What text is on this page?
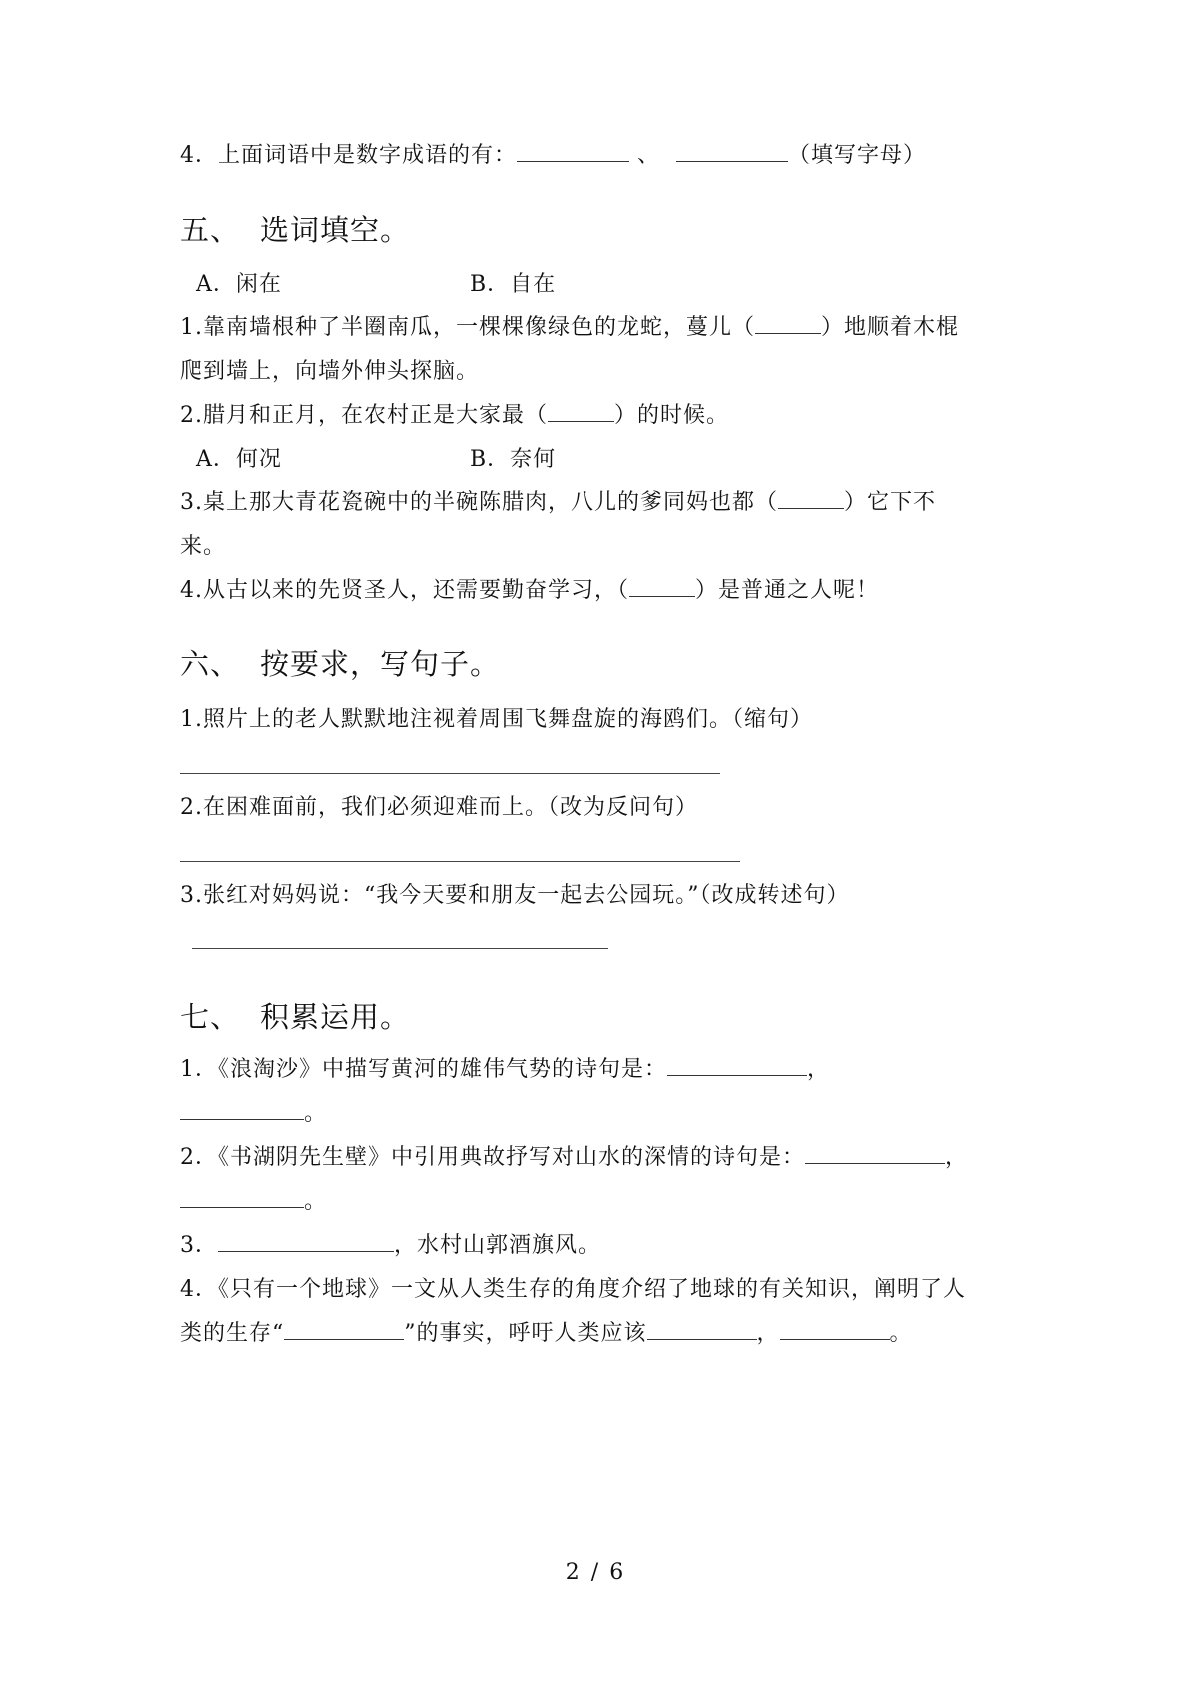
4．上面词语中是数字成语的有：	、	（填写字母）
五、 选词填空。
A．闲在	B．自在
1.靠南墙根种了半圈南瓜，一棵棵像绿色的龙蛇，蔓儿（	）地顺着木棍
爬到墙上，向墙外伸头探脑。
2.腊月和正月，在农村正是大家最（	）的时候。
A．何况	B．奈何
3.桌上那大青花瓷碗中的半碗陈腊肉，八儿的爹同妈也都（	）它下不
来。
4.从古以来的先贤圣人，还需要勤奋学习，（	）是普通之人呢！
六、 按要求，写句子。
1.照片上的老人默默地注视着周围飞舞盘旋的海鸥们。（缩句）
2.在困难面前，我们必须迎难而上。（改为反问句）
3.张红对妈妈说：“我今天要和朋友一起去公园玩。”（改成转述句）
七、 积累运用。
1．《浪淘沙》中描写黄河的雄伟气势的诗句是：	，
。
2．《书湖阴先生壁》中引用典故抒写对山水的深情的诗句是：	，
。
3．	，水村山郭酒旗风。
4．《只有一个地球》一文从人类生存的角度介绍了地球的有关知识，阐明了人
类的生存“	”的事实，呼吁人类应该	，	。
2 / 6
